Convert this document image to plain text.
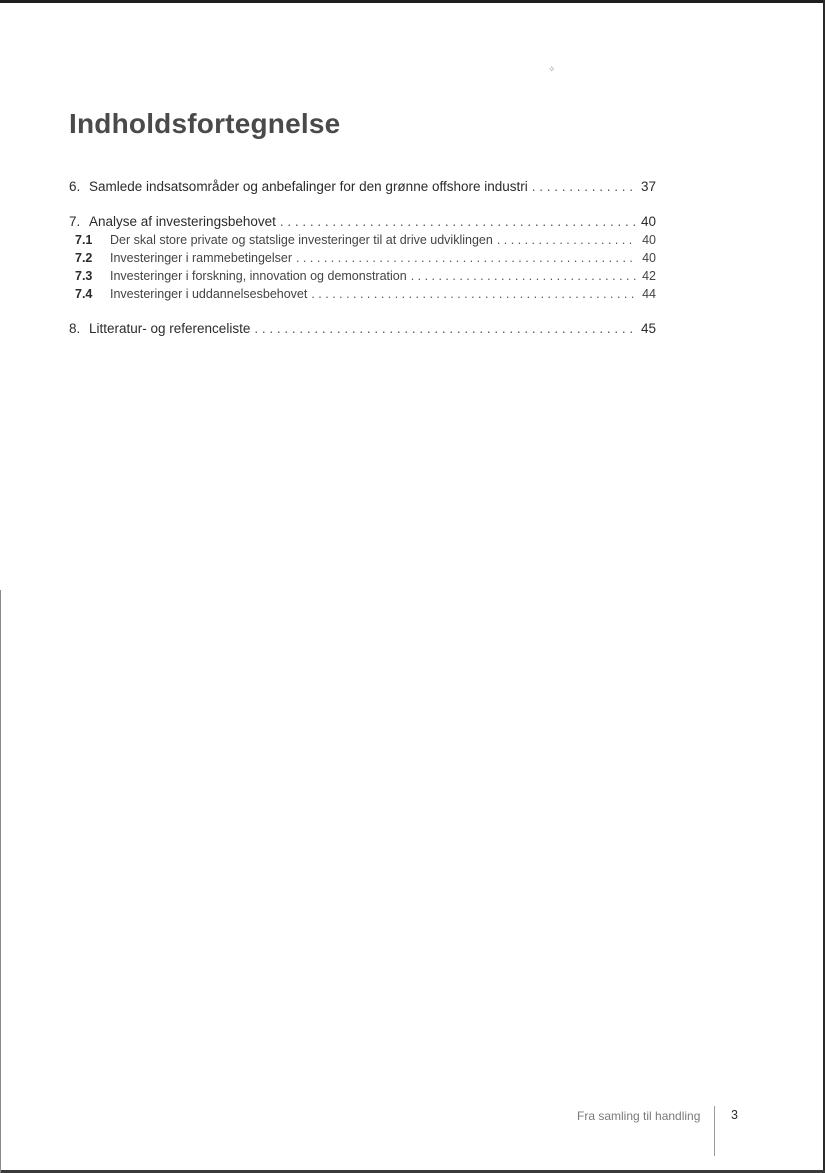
✧
Indholdsfortegnelse
6. Samlede indsatsområder og anbefalinger for den grønne offshore industri . . .	37
7. Analyse af investeringsbehovet . . .	40
7.1	Der skal store private og statslige investeringer til at drive udviklingen . . .	40
7.2	Investeringer i rammebetingelser . . .	40
7.3	Investeringer i forskning, innovation og demonstration . . .	42
7.4	Investeringer i uddannelsesbehovet . . .	44
8. Litteratur- og referenceliste . . .	45
Fra samling til handling 3
